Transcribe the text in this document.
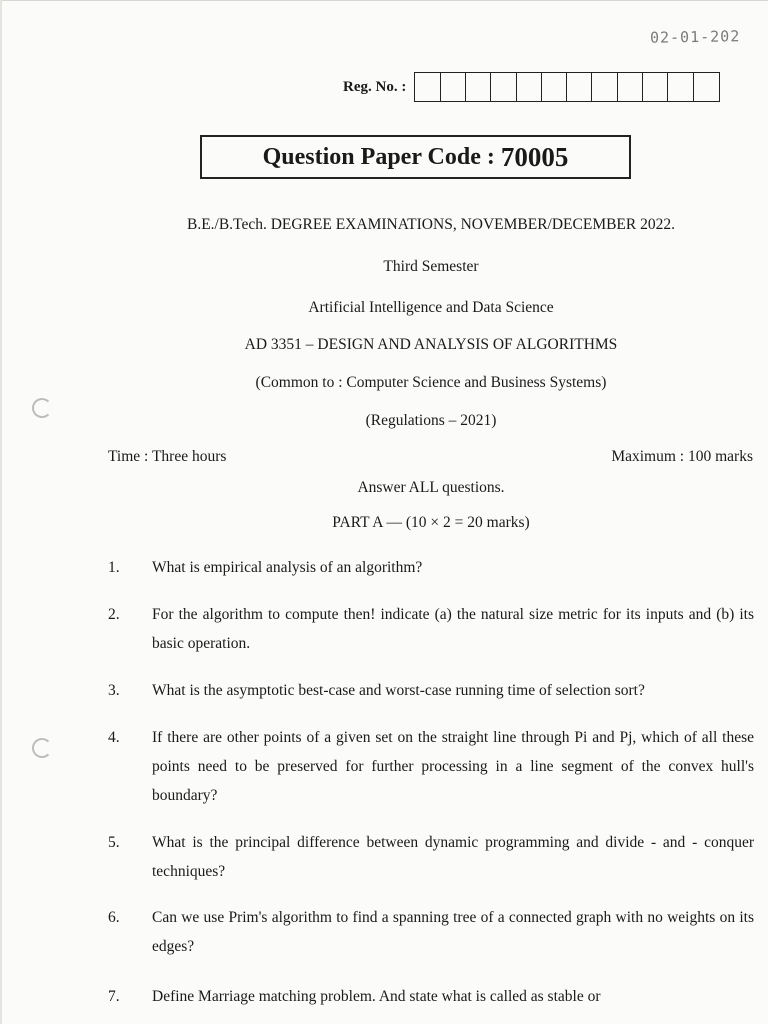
02-01-202
Reg. No. :
Question Paper Code : 70005
B.E./B.Tech. DEGREE EXAMINATIONS, NOVEMBER/DECEMBER 2022.
Third Semester
Artificial Intelligence and Data Science
AD 3351 – DESIGN AND ANALYSIS OF ALGORITHMS
(Common to : Computer Science and Business Systems)
(Regulations – 2021)
Time : Three hours	Maximum : 100 marks
Answer ALL questions.
PART A — (10 × 2 = 20 marks)
1.	What is empirical analysis of an algorithm?
2.	For the algorithm to compute then! indicate (a) the natural size metric for its inputs and (b) its basic operation.
3.	What is the asymptotic best-case and worst-case running time of selection sort?
4.	If there are other points of a given set on the straight line through Pi and Pj, which of all these points need to be preserved for further processing in a line segment of the convex hull's boundary?
5.	What is the principal difference between dynamic programming and divide - and - conquer techniques?
6.	Can we use Prim's algorithm to find a spanning tree of a connected graph with no weights on its edges?
7.	Define Marriage matching problem. And state what is called as stable or
